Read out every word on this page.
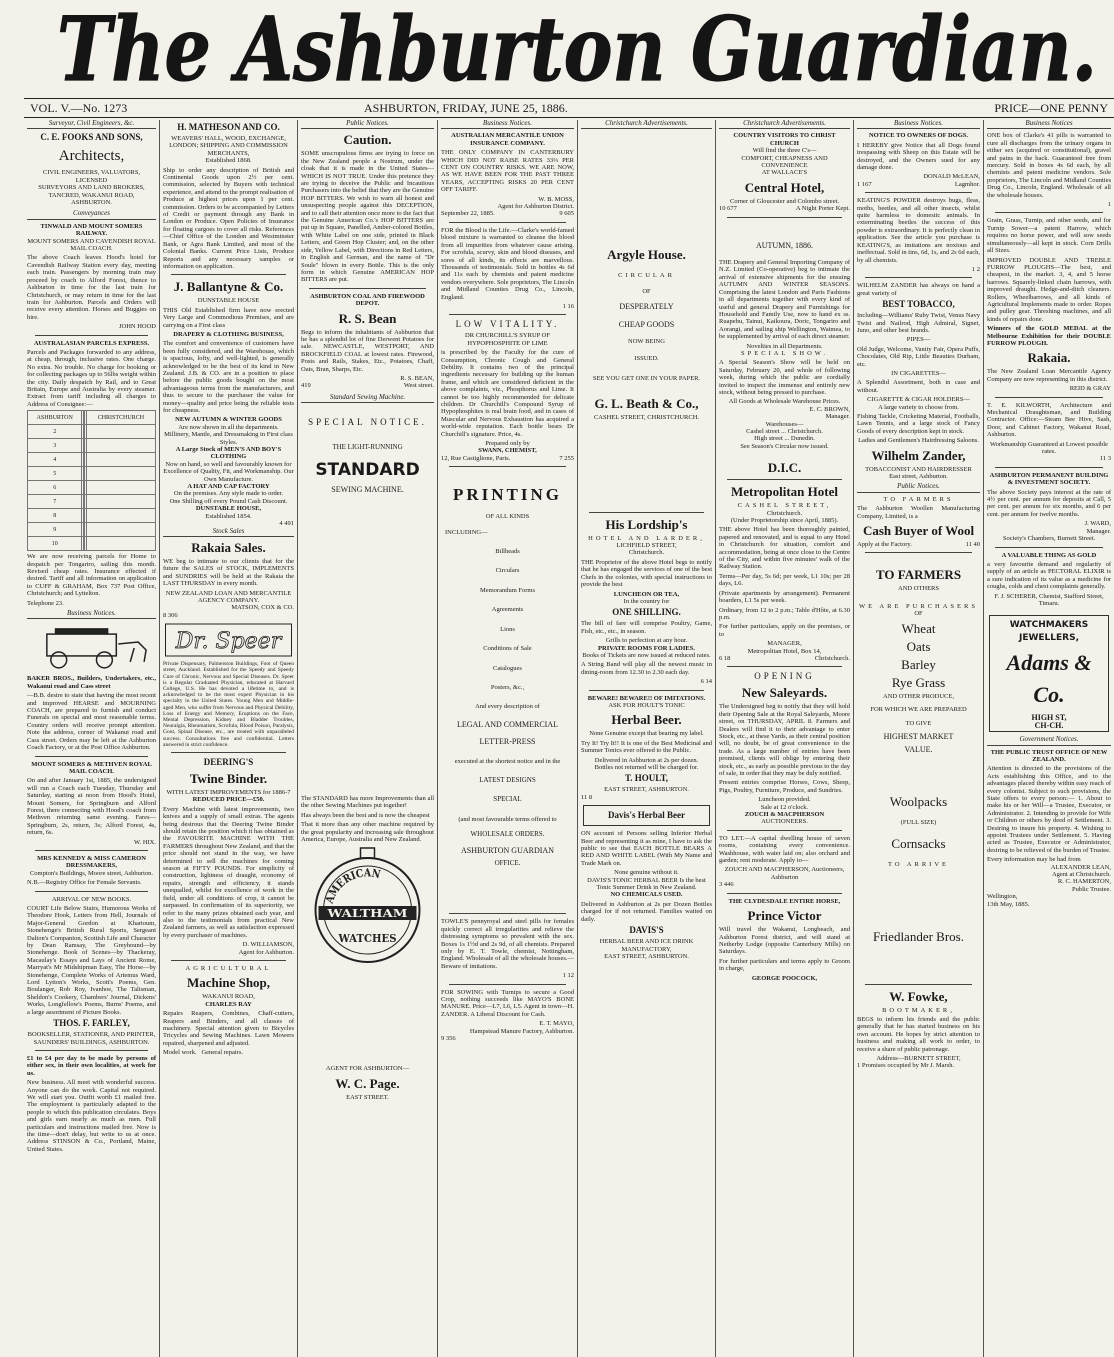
The Ashburton Guardian.
VOL. V.—No. 1273	ASHBURTON, FRIDAY, JUNE 25, 1886.	PRICE—ONE PENNY
Surveyor, Civil Engineers, &c.
C. E. FOOKS AND SONS,
Architects,
CIVIL ENGINEERS, VALUATORS, LICENSED
SURVEYORS AND LAND BROKERS,
TANCRED, WAKANUI ROAD,
ASHBURTON.
Conveyances
TINWALD AND MOUNT SOMERS RAILWAY.
MOUNT SOMERS AND CAVENDISH ROYAL MAIL COACH.

The above Coach leaves Hood's hotel for Cavendish Railway Station every day, meeting each train. Passengers by morning train may proceed by coach to Alford Forest, thence to Ashburton in time for the last train for Christchurch, or may return in time for the last train for Ashburton. Parcels and Orders will receive every attention. Horses and Buggies on hire.

JOHN HOOD
AUSTRALASIAN PARCELS EXPRESS.

Parcels and Packages forwarded to any address, at cheap, through, inclusive rates. One charge. No extra. No trouble. No charge for booking or for collecting packages up to 56lbs weight within the city. Daily despatch by Rail, and to Great Britain, Europe and Australia by every steamer. Extract from tariff including all charges to Address of Consignee:—

ASHBURTON				CHRISTCHURCH
2				
3				
4				
5				
6				
7				
8				
9				
10				

We are now receiving parcels for Home to despatch per Tongariro, sailing this month. Revised cheap rates. Insurance effected if desired. Tariff and all information on application to CUFF & GRAHAM, Box 737 Post Office, Christchurch; and Lyttelton.

Telephone 23.
Business Notices.

BAKER BROS., Builders, Undertakers, etc., Wakanui road and Cass street

—B.B. desire to state that having the most recent and improved HEARSE and MOURNING COACH, are prepared to furnish and conduct Funerals on special and most reasonable terms. Country orders will receive prompt attention. Note the address, corner of Wakanui road and Cass street. Orders may be left at the Ashburton Coach Factory, or at the Post Office Ashburton.

MOUNT SOMERS & METHVEN ROYAL MAIL COACH.

On and after January 1st, 1885, the undersigned will run a Coach each Tuesday, Thursday and Saturday, starting at noon from Hood's Hotel, Mount Somers, for Springburn and Alford Forest, there connecting with Hood's coach from Methven returning same evening. Fares—Springburn, 2s, return, 3s; Alford Forest, 4s, return, 6s.

W. HIX.
MRS KENNEDY & MISS CAMERON
DRESSMAKERS,
Compton's Buildings, Moore street, Ashburton.

N.B.—Registry Office for Female Servants.

ARRIVAL OF NEW BOOKS.

COURT Life Below Stairs, Humorous Works of Theodore Hook, Letters from Hell, Journals of Major-General Gordon at Khartoum, Stonehenge's British Rural Sports, Sergeant Dalton's Companion, Scottish Life and Character by Dean Ramsay, The Greyhound—by Stonehenge. Book of Scenes—by Thackeray, Macaulay's Essays and Lays of Ancient Rome, Marryat's Mr Midshipman Easy, The Horse—by Stonehenge, Complete Works of Artemus Ward, Lord Lytton's Works, Scott's Poems, Gen. Boulanger, Rob Roy, Ivanhoe, The Talisman, Sheldon's Cookery, Chambers' Journal, Dickens' Works, Longfellow's Poems, Burns' Poems, and a large assortment of Picture Books.

THOS. F. FARLEY,
BOOKSELLER, STATIONER, AND PRINTER,
SAUNDERS' BUILDINGS, ASHBURTON.

£1 to £4 per day to be made by persons of either sex, in their own localities, at work for us.

New business. All meet with wonderful success. Anyone can do the work. Capital not required. We will start you. Outfit worth £1 mailed free. The employment is particularly adapted to the people to which this publication circulates. Boys and girls earn nearly as much as men. Full particulars and instructions mailed free. Now is the time—don't delay, but write to us at once. Address STINSON & Co., Portland, Maine, United States.

H. MATHESON AND CO.
WEAVERS' HALL, WOOD, EXCHANGE, LONDON; SHIPPING AND COMMISSION MERCHANTS,
Established 1868.

Ship to order any description of British and Continental Goods upon 2½ per cent. commission, selected by Buyers with technical experience, and attend to the prompt realisation of Produce at highest prices upon 1 per cent. commission. Orders to be accompanied by Letters of Credit or payment through any Bank in London or Produce. Open Policies of Insurance for floating cargoes to cover all risks. References—Chief Office of the London and Westminster Bank, or Agra Bank Limited, and most of the Colonial Banks. Current Price Lists, Produce Reports and any necessary samples or information on application.

J. Ballantyne & Co.
DUNSTABLE HOUSE

THIS Old Established firm have now erected Very Large and Commodious Premises, and are carrying on a First class

DRAPERY & CLOTHING BUSINESS,

The comfort and convenience of customers have been fully considered, and the Warehouse, which is spacious, lofty, and well-lighted, is generally acknowledged to be the best of its kind in New Zealand. J.B. & CO. are in a position to place before the public goods bought on the most advantageous terms from the manufacturers, and thus to secure to the purchaser the value for money—quality and price being the reliable tests for cheapness.

NEW AUTUMN & WINTER GOODS
Are now shown in all the departments.
Millinery, Mantle, and Dressmaking in First class Styles.
A Large Stock of MEN'S AND BOY'S CLOTHING
Now on hand, so well and favourably known for Excellence of Quality, Fit, and Workmanship. Our Own Manufacture.
A HAT AND CAP FACTORY
On the premises. Any style made to order.
One Shilling off every Pound Cash Discount.
DUNSTABLE HOUSE,
Established 1854.
4 491
Stock Sales
Rakaia Sales.

WE beg to intimate to our clients that for the future the SALES of STOCK, IMPLEMENTS and SUNDRIES will be held at the Rakaia the LAST THURSDAY in every month.

NEW ZEALAND LOAN AND MERCANTILE AGENCY COMPANY.
MATSON, COX & CO.
8 306
Dr. Speer

Private Dispensary, Palmerston Buildings, Foot of Queen street, Auckland. Established for the Speedy and Speedy Cure of Chronic, Nervous and Special Diseases. Dr. Speer is a Regular Graduated Physician, educated at Harvard College, U.S. He has devoted a lifetime to, and is acknowledged to be the most expert Physician in his specialty in the United States. Young Men and Middle-aged Men, who suffer from Nervous and Physical Debility, Loss of Energy and Memory, Eruptions on the Face, Mental Depression, Kidney and Bladder Troubles, Neuralgia, Rheumatism, Scrofula, Blood Poison, Paralysis, Gout, Spinal Disease, etc., are treated with unparalleled success. Consultations free and confidential. Letters answered in strict confidence.

DEERING'S
Twine Binder.
WITH LATEST IMPROVEMENTS for 1886-7
REDUCED PRICE—£50.

Every Machine with latest improvements, two knives and a supply of small extras. The agents being desirous that the Deering Twine Binder should retain the position which it has obtained as the FAVOURITE MACHINE WITH THE FARMERS throughout New Zealand, and that the price should not stand in the way, we have determined to sell the machines for coming season at FIFTY POUNDS. For simplicity of construction, lightness of draught, economy of repairs, strength and efficiency, it stands unequalled, whilst for excellence of work in the field, under all conditions of crop, it cannot be surpassed. In confirmation of its superiority, we refer to the many prizes obtained each year, and also to the testimonials from practical New Zealand farmers, as well as satisfaction expressed by every purchaser of machines.

D. WILLIAMSON,
Agent for Ashburton.
AGRICULTURAL
Machine Shop,
WAKANUI ROAD,
CHARLES RAY

Repairs Reapers, Combines, Chaff-cutters, Reapers and Binders, and all classes of machinery. Special attention given to Bicycles Tricycles and Sewing Machines. Lawn Mowers repaired, sharpened and adjusted.

Model work. General repairs.
Public Notices.
Caution.

SOME unscrupulous firms are trying to force on the New Zealand people a Nostrum, under the cloak that it is made in the United States— WHICH IS NOT TRUE. Under this pretence they are trying to deceive the Public and Incautious Purchasers into the belief that they are the Genuine HOP BITTERS. We wish to warn all honest and unsuspecting people against this DECEPTION, and to call their attention once more to the fact that the Genuine American Co.'s HOP BITTERS are put up in Square, Panelled, Amber-colored Bottles, with White Label on one side, printed in Black Letters, and Green Hop Cluster; and, on the other side, Yellow Label, with Directions in Red Letters, in English and German, and the name of "Dr Soule" blown in every Bottle. This is the only form in which Genuine AMERICAN HOP BITTERS are put.

ASHBURTON COAL AND FIREWOOD DEPOT.
R. S. Bean

Begs to inform the inhabitants of Ashburton that he has a splendid lot of fine Derwent Potatoes for sale. NEWCASTLE, WESTPORT, AND BROCKFIELD COAL at lowest rates. Firewood, Posts and Rails, Stakes, Etc., Potatoes, Chaff, Oats, Bran, Sharps, Etc.

R. S. BEAN,
419	West street.
Standard Sewing Machine.
SPECIAL NOTICE.
THE LIGHT-RUNNING
STANDARD
SEWING MACHINE.

The STANDARD has more Improvements than all the other Sewing Machines put together!

Has always been the best and is now the cheapest

That it more than any other machine required by the great popularity and increasing sale throughout America, Europe, Australia and New Zealand.

AMERICAN
WALTHAM
WATCHES
AGENT FOR ASHBURTON—
W. C. Page.
EAST STREET.
Business Notices.
AUSTRALIAN MERCANTILE UNION INSURANCE COMPANY.

THE ONLY COMPANY IN CANTERBURY WHICH DID NOT RAISE RATES 33⅓ PER CENT ON COUNTRY RISKS. WE ARE NOW, AS WE HAVE BEEN FOR THE PAST THREE YEARS, ACCEPTING RISKS 20 PER CENT OFF TARIFF.

W. B. MOSS,
Agent for Ashburton District.
September 22, 1885.	9 605

FOR the Blood is the Life.—Clarke's world-famed blood mixture is warranted to cleanse the blood from all impurities from whatever cause arising. For scrofula, scurvy, skin and blood diseases, and sores of all kinds, its effects are marvellous. Thousands of testimonials. Sold in bottles 4s 6d and 11s each by chemists and patent medicine vendors everywhere. Sole proprietors, The Lincoln and Midland Counties Drug Co., Lincoln, England.

1 16
LOW VITALITY.
DR CHURCHILL'S SYRUP OF HYPOPHOSPHITE OF LIME

is prescribed by the Faculty for the cure of Consumption, Chronic Cough and General Debility. It contains two of the principal ingredients necessary for building up the human frame, and which are considered deficient in the above complaints, viz., Phosphorus and Lime. It cannot be too highly recommended for delicate children. Dr Churchill's Compound Syrup of Hypophosphites is real brain food, and in cases of Muscular and Nervous Exhaustion has acquired a world-wide reputation. Each bottle bears Dr Churchill's signature. Price, 4s.

Prepared only by
SWANN, CHEMIST,
12, Rue Castiglione, Paris.	7 255
PRINTING
OF ALL KINDS
INCLUDING—
Billheads
Circulars
Memorandum Forms
Agreements
Lions
Conditions of Sale
Catalogues
Posters, &c.,
And every description of
LEGAL AND COMMERCIAL
LETTER-PRESS
executed at the shortest notice and in the
LATEST DESIGNS
SPECIAL
(and most favourable terms offered to
WHOLESALE ORDERS.
ASHBURTON GUARDIAN
OFFICE.

TOWLE'S pennyroyal and steel pills for females quickly correct all irregularities and relieve the distressing symptoms so prevalent with the sex. Boxes 1s 1½d and 2s 9d, of all chemists. Prepared only by E. T. Towle, chemist, Nottingham, England. Wholesale of all the wholesale houses.—Beware of imitations.

1 12

FOR SOWING with Turnips to secure a Good Crop, nothing succeeds like MAYO'S BONE MANURE. Price—L7, L6, L5. Agent in town—H. ZANDER. A Liberal Discount for Cash.

E. T. MAYO,
Hampstead Manure Factory, Ashburton.
9 356
Christchurch Advertisements.
Argyle House.
CIRCULAR
OF
DESPERATELY
CHEAP GOODS
NOW BEING
ISSUED.
SEE YOU GET ONE IN YOUR PAPER.
G. L. Beath & Co.,
CASHEL STREET, CHRISTCHURCH.
His Lordship's
HOTEL AND LARDER,
LICHFIELD STREET,
Christchurch.

THE Proprietor of the above Hotel begs to notify that he has engaged the services of one of the best Chefs in the colonies, with special instructions to provide the best

LUNCHEON OR TEA,
In the country for
ONE SHILLING.

The bill of fare will comprise Poultry, Game, Fish, etc., etc., in season.

Grills to perfection at any hour.
PRIVATE ROOMS FOR LADIES.
Books of Tickets are now issued at reduced rates.

A String Band will play all the newest music in dining-room from 12.30 to 2.30 each day.

6 14
BEWARE! BEWARE!! OF IMITATIONS.
ASK FOR HOULT'S TONIC
Herbal Beer.
None Genuine except that bearing my label.

Try It! Try It!! It is one of the Best Medicinal and Summer Tonics ever offered to the Public.

Delivered in Ashburton at 2s per dozen.
Bottles not returned will be charged for.
T. HOULT,
EAST STREET, ASHBURTON.
11 8
Davis's Herbal Beer

ON account of Persons selling Inferior Herbal Beer and representing it as mine, I have to ask the public to see that EACH BOTTLE BEARS A RED AND WHITE LABEL (With My Name and Trade Mark on.

None genuine without it.
DAVIS'S TONIC HERBAL BEER Is the best Tonic Summer Drink in New Zealand.
NO CHEMICALS USED.

Delivered in Ashburton at 2s per Dozen Bottles charged for if not returned. Families waited on daily.

DAVIS'S
HERBAL BEER AND ICE DRINK MANUFACTORY,
EAST STREET, ASHBURTON.
Christchurch Advertisements.
COUNTRY VISITORS TO CHRIST CHURCH
Will find the three C's—
COMFORT, CHEAPNESS AND CONVENIENCE
AT WALLACE'S
Central Hotel,
Corner of Gloucester and Colombo street.
10 677	A Night Porter Kept.
AUTUMN, 1886.

THE Drapery and General Importing Company of N.Z. Limited (Co-operative) beg to intimate the arrival of extensive shipments for the ensuing AUTUMN AND WINTER SEASONS. Comprising the latest London and Paris Fashions in all departments together with every kind of useful and general Drapery and Furnishings for Household and Family Use, now to hand ex ss. Ruapehu, Tainui, Kaikoura, Doric, Tongariro and Aorangi, and sailing ship Wellington, Waimea, to be supplemented by arrival of each direct steamer.

Novelties in all Departments.
SPECIAL SHOW.

A Special Season's Show will be held on Saturday, February 20, and whole of following week, during which the public are cordially invited to inspect the immense and entirely new stock, without being pressed to purchase.

All Goods at Wholesale Warehouse Prices.
E. C. BROWN,
Manager.
Warehouses—
Cashel street ... Christchurch.
High street ... Dunedin.
See Season's Circular now issued.
D.I.C.
Metropolitan Hotel
CASHEL STREET,
Christchurch.
(Under Proprietorship since April, 1885).

THE above Hotel has been thoroughly painted, papered and renovated, and is equal to any Hotel in Christchurch for situation, comfort and accommodation, being at once close to the Centre of the City, and within five minutes' walk of the Railway Station.

Terms—Per day, 5s 6d; per week, L1 10s; per 28 days, L6.

(Private apartments by arrangement). Permanent boarders, L1 5s per week.

Ordinary, from 12 to 2 p.m.; Table d'Hôte, at 6.30 p.m.

For further particulars, apply on the premises, or to

MANAGER,
Metropolitan Hotel, Box 14,
6 18	Christchurch.
OPENING
New Saleyards.

The Undersigned beg to notify that they will hold their Opening Sale at the Royal Saleyards, Moore street, on THURSDAY, APRIL 8. Farmers and Dealers will find it to their advantage to enter Stock, etc., at these Yards, as their central position will, no doubt, be of great convenience to the trade. As a large number of entries have been promised, clients will oblige by entering their stock, etc., as early as possible previous to the day of sale, in order that they may be duly notified.

Present entries comprise Horses, Cows, Sheep, Pigs, Poultry, Furniture, Produce, and Sundries.

Luncheon provided.
Sale at 12 o'clock.
ZOUCH & MACPHERSON
AUCTIONEERS.

TO LET.—A capital dwelling house of seven rooms, containing every convenience. Washhouse, with water laid on; also orchard and garden; rent moderate. Apply to—

ZOUCH AND MACPHERSON, Auctioneers, Ashburton
3 446
THE CLYDESDALE ENTIRE HORSE,
Prince Victor

Will travel the Wakanui, Longbeach, and Ashburton Forest district, and will stand at Netherby Lodge (opposite Canterbury Mills) on Saturdays.

For further particulars and terms apply to Groom in charge,

GEORGE POOCOCK,
Business Notices.
NOTICE TO OWNERS OF DOGS.

I HEREBY give Notice that all Dogs found trespassing with Sheep on this Estate will be destroyed, and the Owners sued for any damage done.

DONALD McLEAN,
1 167	Lagmhor.

KEATING'S POWDER destroys bugs, fleas, moths, beetles, and all other insects, whilst quite harmless to domestic animals. In exterminating beetles the success of this powder is extraordinary. It is perfectly clean in application. See the article you purchase is KEATING'S, as imitations are noxious and ineffectual. Sold in tins, 6d, 1s, and 2s 6d each, by all chemists.

1 2

WILHELM ZANDER has always on hand a great variety of

BEST TOBACCO,

Including—Williams' Ruby Twist, Venus Navy Twist and Nailrod, High Admiral, Signet, Juno, and other best brands.

PIPES—

Old Judge, Welcome, Vanity Fair, Opera Puffs, Chocolates, Old Rip, Little Beauties Durham, etc.

IN CIGARETTES—

A Splendid Assortment, both in case and without.

CIGARETTE & CIGAR HOLDERS—
A large variety to choose from.

Fishing Tackle, Cricketing Material, Footballs, Lawn Tennis, and a large stock of Fancy Goods of every description kept in stock.

Ladies and Gentlemen's Hairdressing Saloons.
Wilhelm Zander,
TOBACCONIST AND HAIRDRESSER
East street, Ashburton.
Public Notices.
TO FARMERS

The Ashburton Woollen Manufacturing Company, Limited, is a

Cash Buyer of Wool
Apply at the Factory.	11 40
TO FARMERS
AND OTHERS
WE ARE PURCHASERS
OF
Wheat
Oats
Barley
Rye Grass
AND OTHER PRODUCE,
FOR WHICH WE ARE PREPARED
TO GIVE
HIGHEST MARKET
VALUE.
Woolpacks
(FULL SIZE)
Cornsacks
TO ARRIVE
Friedlander Bros.
W. Fowke,
BOOTMAKER,

BEGS to inform his friends and the public generally that he has started business on his own account. He hopes by strict attention to business and making all work to order, to receive a share of public patronage.

Address—BURNETT STREET,
1 Promises occupied by Mr J. Marsh.
Business Notices

ONE box of Clarke's 41 pills is warranted to cure all discharges from the urinary organs in either sex (acquired or constitutional), gravel and pains in the back. Guaranteed free from mercury. Sold in boxes 4s 6d each, by all chemists and patent medicine vendors. Sole proprietors, The Lincoln and Midland Counties Drug Co., Lincoln, England. Wholesale of all the wholesale houses.

1

Grain, Grass, Turnip, and other seeds, and for Turnip Sower—a patent Harrow, which requires no horse power, and will sow seeds simultaneously—all kept in stock. Corn Drills all Sizes.

IMPROVED DOUBLE AND TREBLE FURROW PLOUGHS—The best, and cheapest, in the market. 3, 4, and 5 horse harrows. Squarely-linked chain harrows, with improved draught. Hedge-and-ditch cleaners. Rollers, Wheelbarrows, and all kinds of Agricultural Implements made to order. Ropes and pulley gear. Threshing machines, and all kinds of repairs done.

Winners of the GOLD MEDAL at the Melbourne Exhibition for their DOUBLE FURROW PLOUGH.

Rakaia.

The New Zealand Loan Mercantile Agency Company are now representing in this district.

REID & GRAY

T. E. KILWORTH, Architecture and Mechanical Draughtsman, and Building Contractor. Office:—Steam Bee Hive, Sash, Door, and Cabinet Factory, Wakanui Road, Ashburton.

Workmanship Guaranteed at Lowest possible rates.
11 3
ASHBURTON PERMANENT BUILDING & INVESTMENT SOCIETY.

The above Society pays interest at the rate of 4½ per cent. per annum for deposits at Call, 5 per cent. per annum for six months, and 6 per cent. per annum for twelve months.

J. WARD,
Manager.
Society's Chambers, Burnett Street.
A VALUABLE THING AS GOLD

a very favourite demand and regularity of supply of an article as PECTORAL ELIXIR is a sure indication of its value as a medicine for coughs, colds and chest complaints generally.

F. J. SCHERER, Chemist, Stafford Street, Timaru.
WATCHMAKERS
JEWELLERS,
Adams & Co.
HIGH ST,
CH-CH.
Government Notices.
THE PUBLIC TRUST OFFICE OF NEW ZEALAND.

Attention is directed to the provisions of the Acts establishing this Office, and to the advantages placed thereby within easy reach of every colonist. Subject to such provisions, the State offers to every person:— 1. About to make his or her Will—a Trustee, Executor, or Administrator. 2. Intending to provide for Wife or Children or others by deed of Settlement. 3. Desiring to insure his property. 4. Wishing to appoint Trustees under Settlement. 5. Having acted as Trustee, Executor or Administrator, desiring to be relieved of the burden of Trustee.

Every information may be had from
ALEXANDER LEAN,
Agent at Christchurch.
R. C. HAMERTON,
Public Trustee.
Wellington,
13th May, 1885.
